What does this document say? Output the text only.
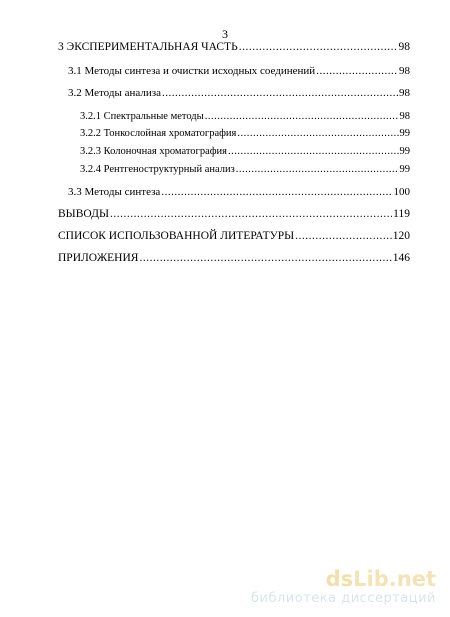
3
3 ЭКСПЕРИМЕНТАЛЬНАЯ ЧАСТЬ .....	98
3.1 Методы синтеза и очистки исходных соединений .....	98
3.2 Методы анализа .....	98
3.2.1 Спектральные методы .....	98
3.2.2 Тонкослойная хроматография .....	99
3.2.3 Колоночная хроматография .....	99
3.2.4 Рентгеноструктурный анализ .....	99
3.3 Методы синтеза .....	100
ВЫВОДЫ .....	119
СПИСОК ИСПОЛЬЗОВАННОЙ ЛИТЕРАТУРЫ .....	120
ПРИЛОЖЕНИЯ .....	146
dsLib.net
библиотека диссертаций
